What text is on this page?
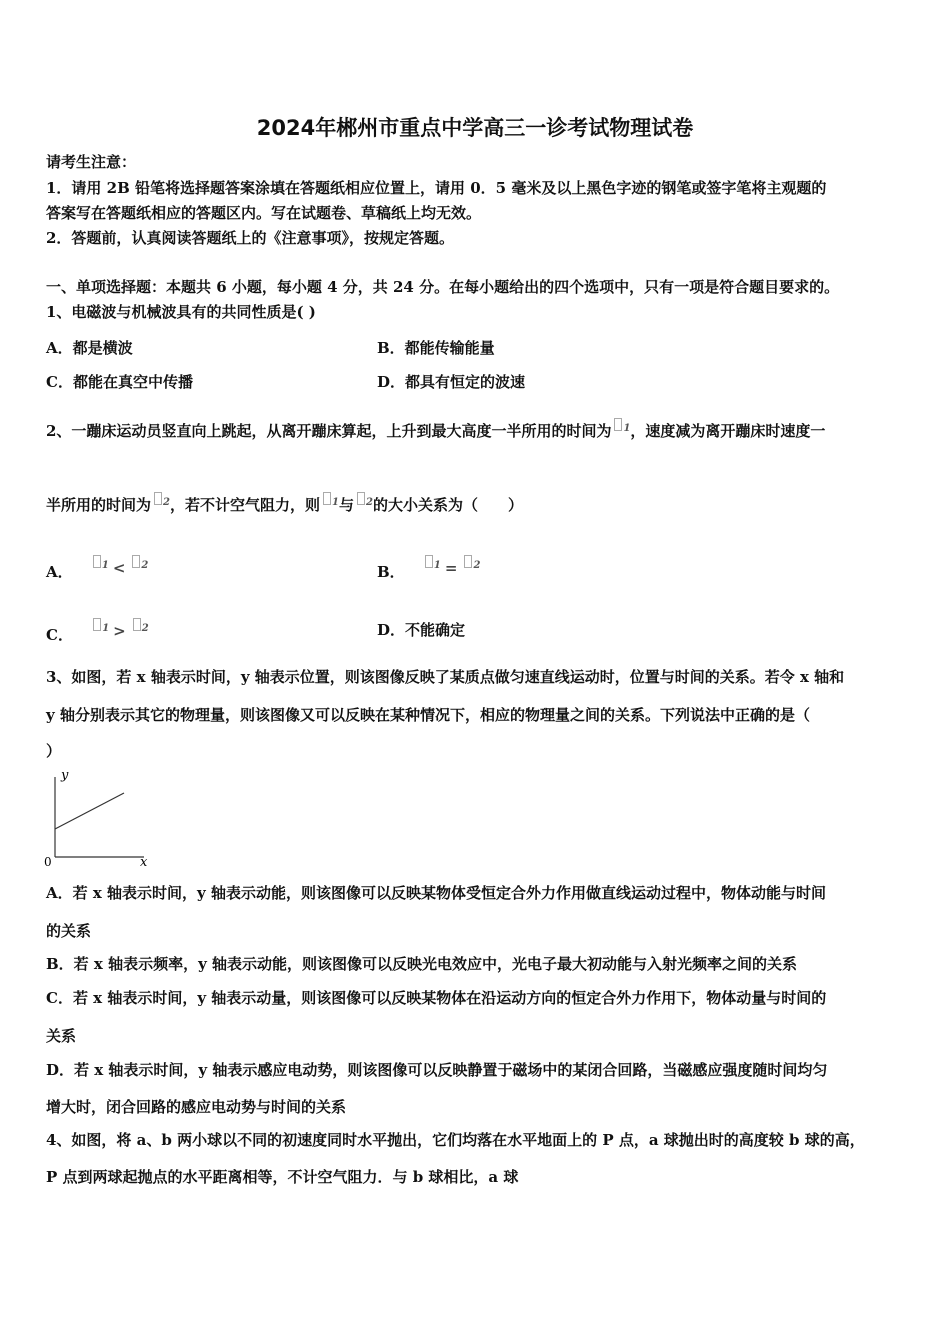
2024年郴州市重点中学高三一诊考试物理试卷
请考生注意：
1．请用 2B 铅笔将选择题答案涂填在答题纸相应位置上，请用 0．5 毫米及以上黑色字迹的钢笔或签字笔将主观题的
答案写在答题纸相应的答题区内。写在试题卷、草稿纸上均无效。
2．答题前，认真阅读答题纸上的《注意事项》，按规定答题。
一、单项选择题：本题共 6 小题，每小题 4 分，共 24 分。在每小题给出的四个选项中，只有一项是符合题目要求的。
1、电磁波与机械波具有的共同性质是( )
A．都是横波	B．都能传输能量
C．都能在真空中传播	D．都具有恒定的波速
2、一蹦床运动员竖直向上跳起，从离开蹦床算起，上升到最大高度一半所用的时间为 $^1$，速度减为离开蹦床时速度一
半所用的时间为 $^2$，若不计空气阻力，则 $^1$与 $^2$的大小关系为（　　）
A．	$^1$ < $^2$	B．	$^1$ = $^2$
C．	$^1$ > $^2$	D．不能确定
3、如图，若 x 轴表示时间，y 轴表示位置，则该图像反映了某质点做匀速直线运动时，位置与时间的关系。若令 x 轴和
y 轴分别表示其它的物理量，则该图像又可以反映在某种情况下，相应的物理量之间的关系。下列说法中正确的是（
）
y
x
0
A．若 x 轴表示时间，y 轴表示动能，则该图像可以反映某物体受恒定合外力作用做直线运动过程中，物体动能与时间
的关系
B．若 x 轴表示频率，y 轴表示动能，则该图像可以反映光电效应中，光电子最大初动能与入射光频率之间的关系
C．若 x 轴表示时间，y 轴表示动量，则该图像可以反映某物体在沿运动方向的恒定合外力作用下，物体动量与时间的
关系
D．若 x 轴表示时间，y 轴表示感应电动势，则该图像可以反映静置于磁场中的某闭合回路，当磁感应强度随时间均匀
增大时，闭合回路的感应电动势与时间的关系
4、如图，将 a、b 两小球以不同的初速度同时水平抛出，它们均落在水平地面上的 P 点，a 球抛出时的高度较 b 球的高，
P 点到两球起抛点的水平距离相等，不计空气阻力．与 b 球相比，a 球
